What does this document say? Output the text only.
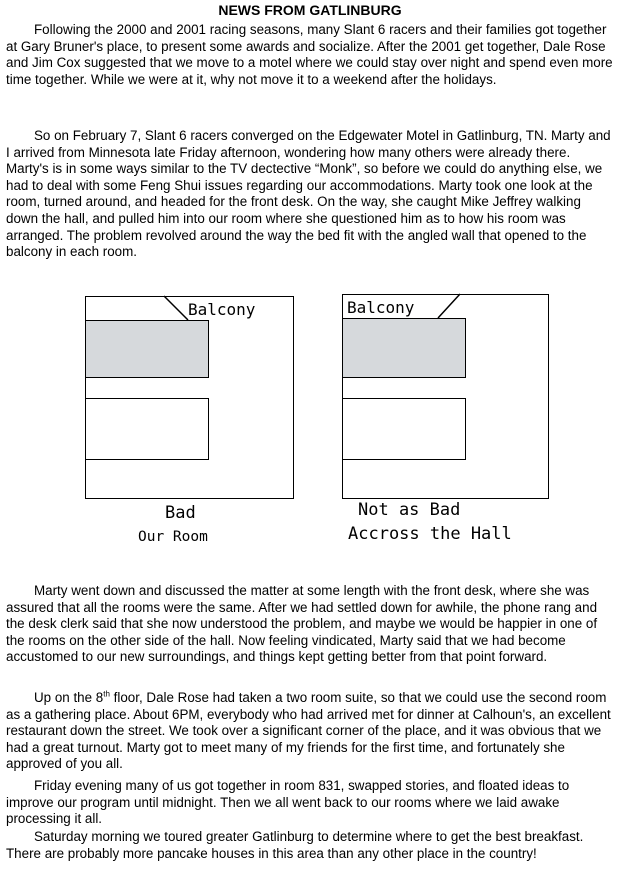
NEWS FROM GATLINBURG

Following the 2000 and 2001 racing seasons, many Slant 6 racers and their families got together at Gary Bruner's place, to present some awards and socialize. After the 2001 get together, Dale Rose and Jim Cox suggested that we move to a motel where we could stay over night and spend even more time together. While we were at it, why not move it to a weekend after the holidays.

So on February 7, Slant 6 racers converged on the Edgewater Motel in Gatlinburg, TN. Marty and I arrived from Minnesota late Friday afternoon, wondering how many others were already there. Marty's is in some ways similar to the TV dectective “Monk”, so before we could do anything else, we had to deal with some Feng Shui issues regarding our accommodations. Marty took one look at the room, turned around, and headed for the front desk. On the way, she caught Mike Jeffrey walking down the hall, and pulled him into our room where she questioned him as to how his room was arranged. The problem revolved around the way the bed fit with the angled wall that opened to the balcony in each room.

Balcony
Bad
Our Room
Balcony
Not as Bad
Accross the Hall

Marty went down and discussed the matter at some length with the front desk, where she was assured that all the rooms were the same. After we had settled down for awhile, the phone rang and the desk clerk said that she now understood the problem, and maybe we would be happier in one of the rooms on the other side of the hall. Now feeling vindicated, Marty said that we had become accustomed to our new surroundings, and things kept getting better from that point forward.

Up on the 8th floor, Dale Rose had taken a two room suite, so that we could use the second room as a gathering place. About 6PM, everybody who had arrived met for dinner at Calhoun's, an excellent restaurant down the street. We took over a significant corner of the place, and it was obvious that we had a great turnout. Marty got to meet many of my friends for the first time, and fortunately she approved of you all.

Friday evening many of us got together in room 831, swapped stories, and floated ideas to improve our program until midnight. Then we all went back to our rooms where we laid awake processing it all.

Saturday morning we toured greater Gatlinburg to determine where to get the best breakfast. There are probably more pancake houses in this area than any other place in the country!
